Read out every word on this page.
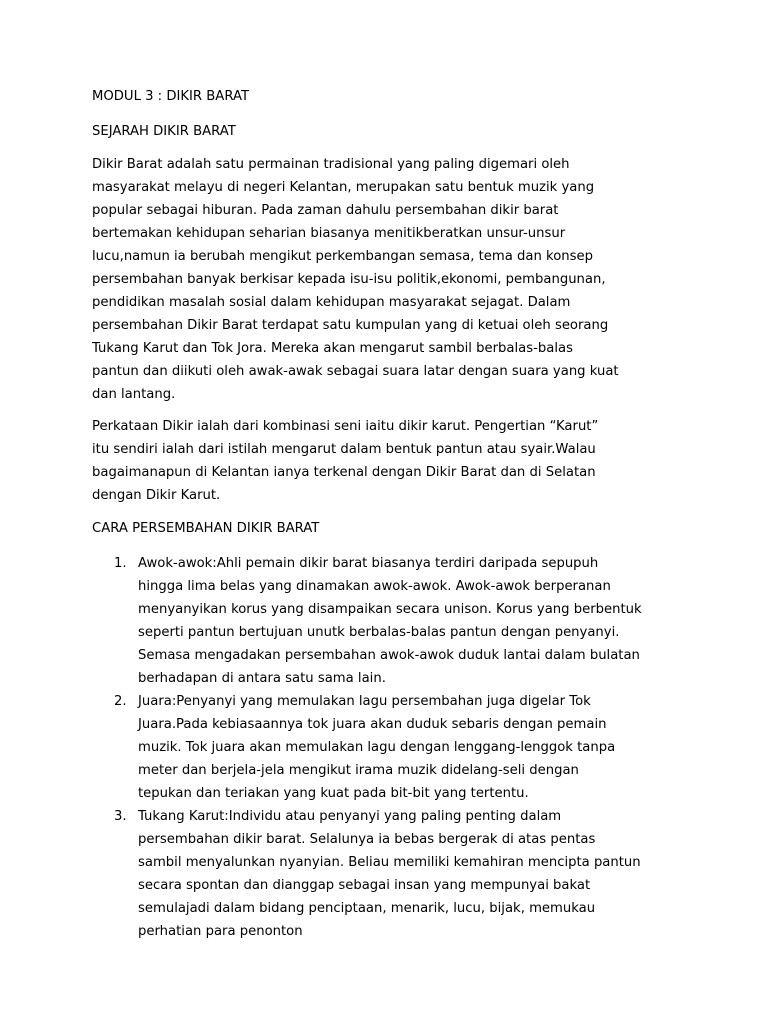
MODUL 3 : DIKIR BARAT
SEJARAH DIKIR BARAT
Dikir Barat adalah satu permainan tradisional yang paling digemari oleh
masyarakat melayu di negeri Kelantan, merupakan satu bentuk muzik yang
popular sebagai hiburan. Pada zaman dahulu persembahan dikir barat
bertemakan kehidupan seharian biasanya menitikberatkan unsur-unsur
lucu,namun ia berubah mengikut perkembangan semasa, tema dan konsep
persembahan banyak berkisar kepada isu-isu politik,ekonomi, pembangunan,
pendidikan masalah sosial dalam kehidupan masyarakat sejagat. Dalam
persembahan Dikir Barat terdapat satu kumpulan yang di ketuai oleh seorang
Tukang Karut dan Tok Jora. Mereka akan mengarut sambil berbalas-balas
pantun dan diikuti oleh awak-awak sebagai suara latar dengan suara yang kuat
dan lantang.
Perkataan Dikir ialah dari kombinasi seni iaitu dikir karut. Pengertian “Karut”
itu sendiri ialah dari istilah mengarut dalam bentuk pantun atau syair.Walau
bagaimanapun di Kelantan ianya terkenal dengan Dikir Barat dan di Selatan
dengan Dikir Karut.
CARA PERSEMBAHAN DIKIR BARAT
1. Awok-awok:Ahli pemain dikir barat biasanya terdiri daripada sepupuh
hingga lima belas yang dinamakan awok-awok. Awok-awok berperanan
menyanyikan korus yang disampaikan secara unison. Korus yang berbentuk
seperti pantun bertujuan unutk berbalas-balas pantun dengan penyanyi.
Semasa mengadakan persembahan awok-awok duduk lantai dalam bulatan
berhadapan di antara satu sama lain.
2. Juara:Penyanyi yang memulakan lagu persembahan juga digelar Tok
Juara.Pada kebiasaannya tok juara akan duduk sebaris dengan pemain
muzik. Tok juara akan memulakan lagu dengan lenggang-lenggok tanpa
meter dan berjela-jela mengikut irama muzik didelang-seli dengan
tepukan dan teriakan yang kuat pada bit-bit yang tertentu.
3. Tukang Karut:Individu atau penyanyi yang paling penting dalam
persembahan dikir barat. Selalunya ia bebas bergerak di atas pentas
sambil menyalunkan nyanyian. Beliau memiliki kemahiran mencipta pantun
secara spontan dan dianggap sebagai insan yang mempunyai bakat
semulajadi dalam bidang penciptaan, menarik, lucu, bijak, memukau
perhatian para penonton
